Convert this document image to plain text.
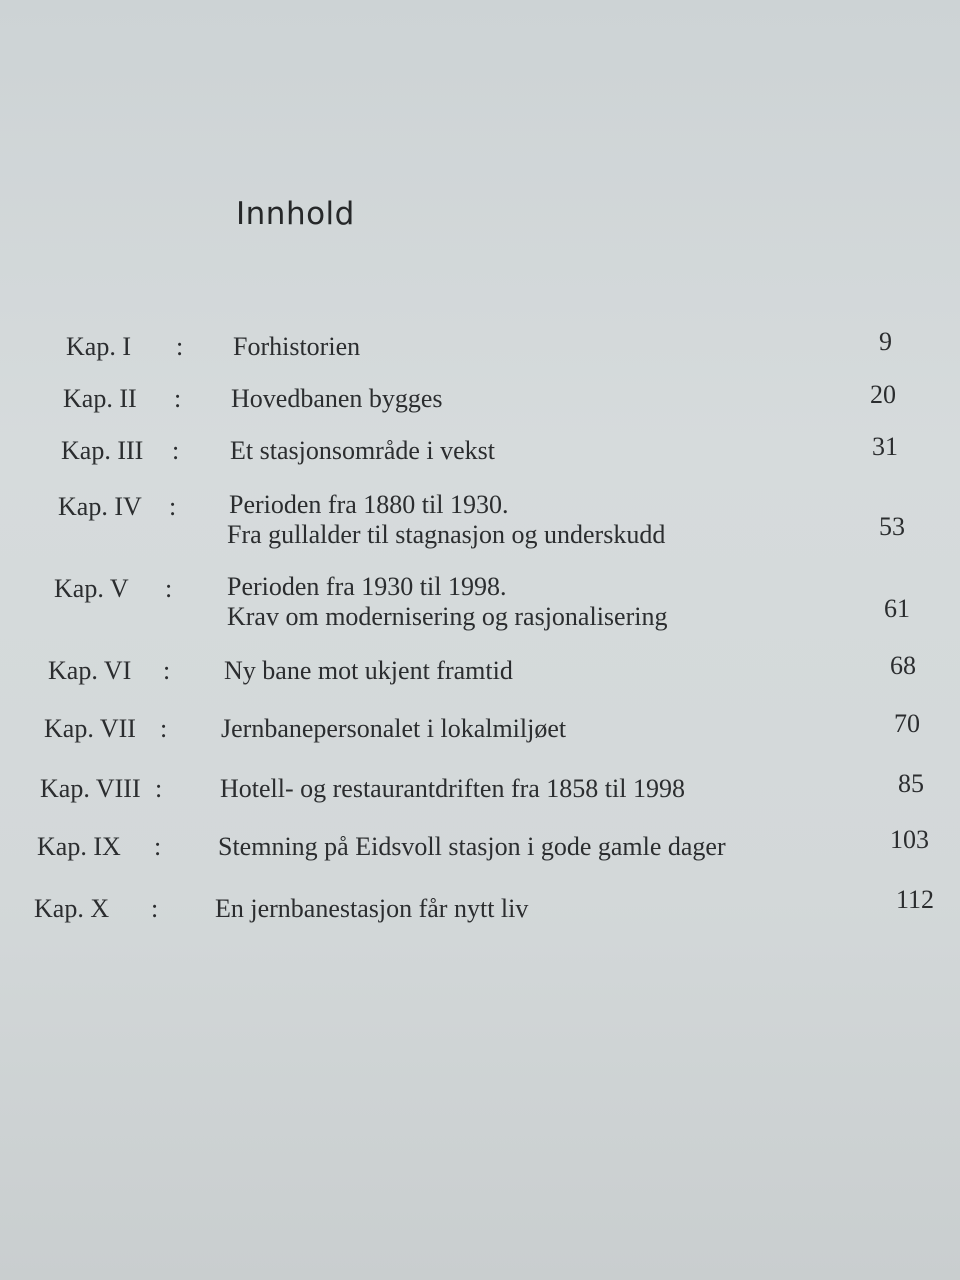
Innhold
Kap. I : Forhistorien	9
Kap. II : Hovedbanen bygges	20
Kap. III : Et stasjonsområde i vekst	31
Kap. IV : Perioden fra 1880 til 1930.
Fra gullalder til stagnasjon og underskudd	53
Kap. V : Perioden fra 1930 til 1998.
Krav om modernisering og rasjonalisering	61
Kap. VI : Ny bane mot ukjent framtid	68
Kap. VII : Jernbanepersonalet i lokalmiljøet	70
Kap. VIII : Hotell- og restaurantdriften fra 1858 til 1998	85
Kap. IX : Stemning på Eidsvoll stasjon i gode gamle dager	103
Kap. X : En jernbanestasjon får nytt liv	112
